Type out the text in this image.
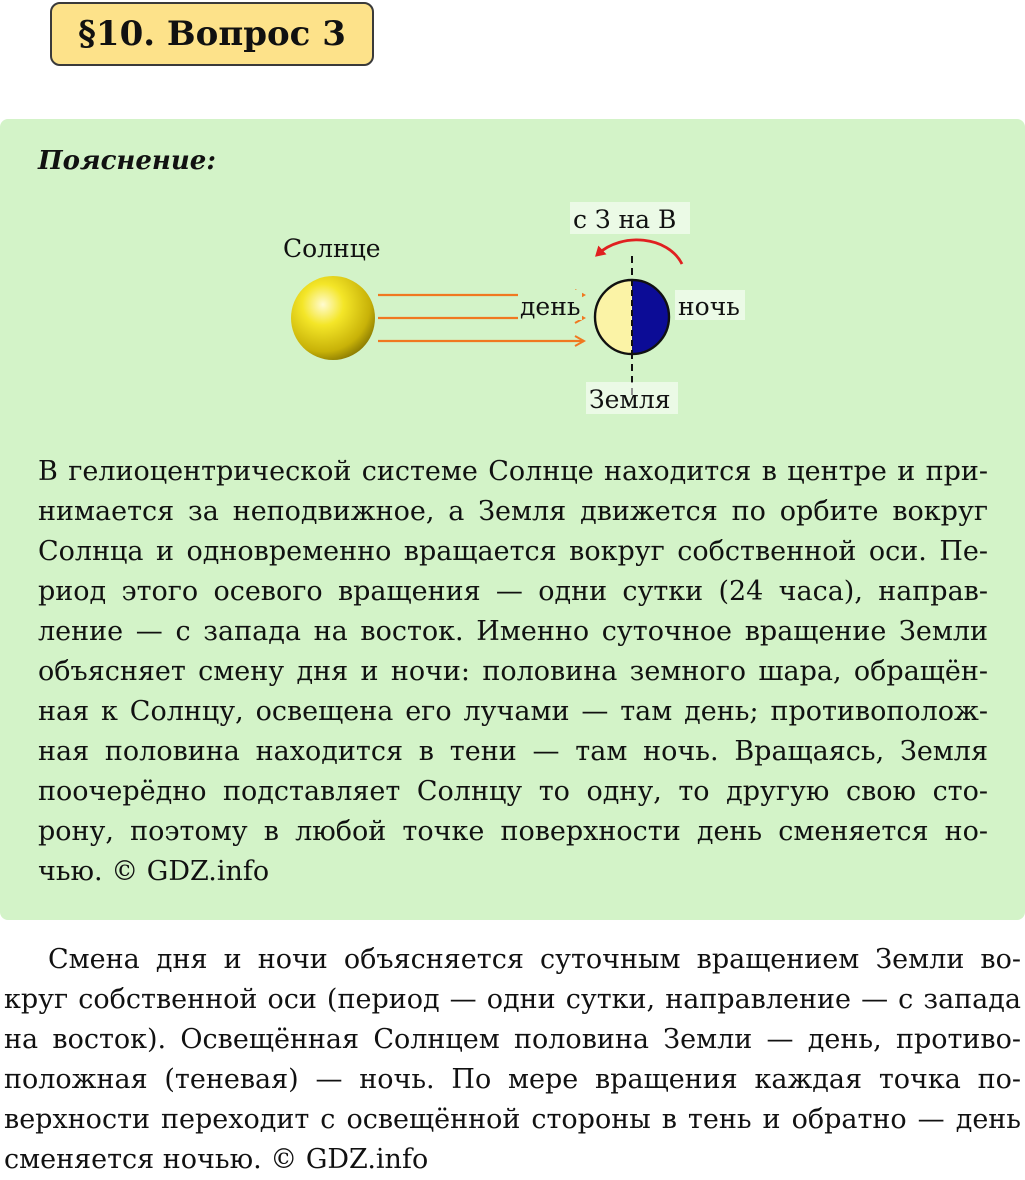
§10. Вопрос 3
Пояснение:
Солнце
день	ночь
с З на В
Земля
В гелиоцентрической системе Солнце находится в центре и при-
нимается за неподвижное, а Земля движется по орбите вокруг
Солнца и одновременно вращается вокруг собственной оси. Пе-
риод этого осевого вращения — одни сутки (24 часа), направ-
ление — с запада на восток. Именно суточное вращение Земли
объясняет смену дня и ночи: половина земного шара, обращён-
ная к Солнцу, освещена его лучами — там день; противополож-
ная половина находится в тени — там ночь. Вращаясь, Земля
поочерёдно подставляет Солнцу то одну, то другую свою сто-
рону, поэтому в любой точке поверхности день сменяется но-
чью. © GDZ.info
Смена дня и ночи объясняется суточным вращением Земли во-
круг собственной оси (период — одни сутки, направление — с запада
на восток). Освещённая Солнцем половина Земли — день, противо-
положная (теневая) — ночь. По мере вращения каждая точка по-
верхности переходит с освещённой стороны в тень и обратно — день
сменяется ночью. © GDZ.info
